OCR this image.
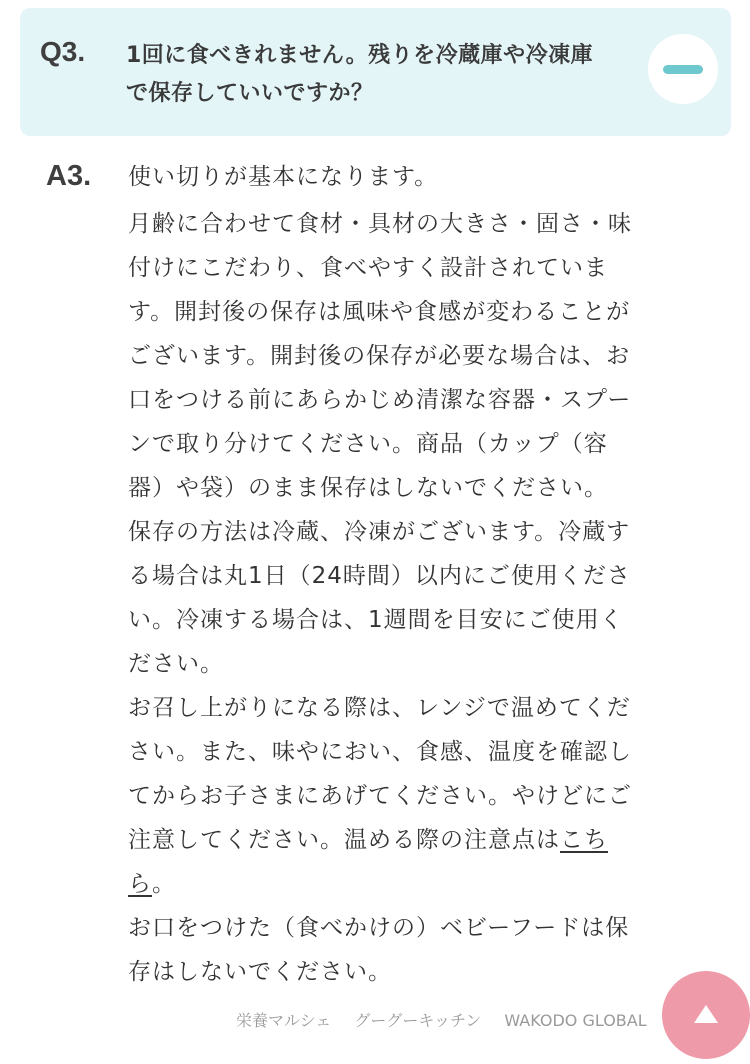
Q3. 1回に食べきれません。残りを冷蔵庫や冷凍庫
で保存していいですか？
A3. 使い切りが基本になります。
月齢に合わせて食材・具材の大きさ・固さ・味
付けにこだわり、食べやすく設計されていま
す。開封後の保存は風味や食感が変わることが
ございます。開封後の保存が必要な場合は、お
口をつける前にあらかじめ清潔な容器・スプー
ンで取り分けてください。商品（カップ（容
器）や袋）のまま保存はしないでください。
保存の方法は冷蔵、冷凍がございます。冷蔵す
る場合は丸1日（24時間）以内にご使用くださ
い。冷凍する場合は、1週間を目安にご使用く
ださい。
お召し上がりになる際は、レンジで温めてくだ
さい。また、味やにおい、食感、温度を確認し
てからお子さまにあげてください。やけどにご
注意してください。温める際の注意点はこち
ら。
お口をつけた（食べかけの）ベビーフードは保
存はしないでください。
栄養マルシェ グーグーキッチン WAKODO GLOBAL
